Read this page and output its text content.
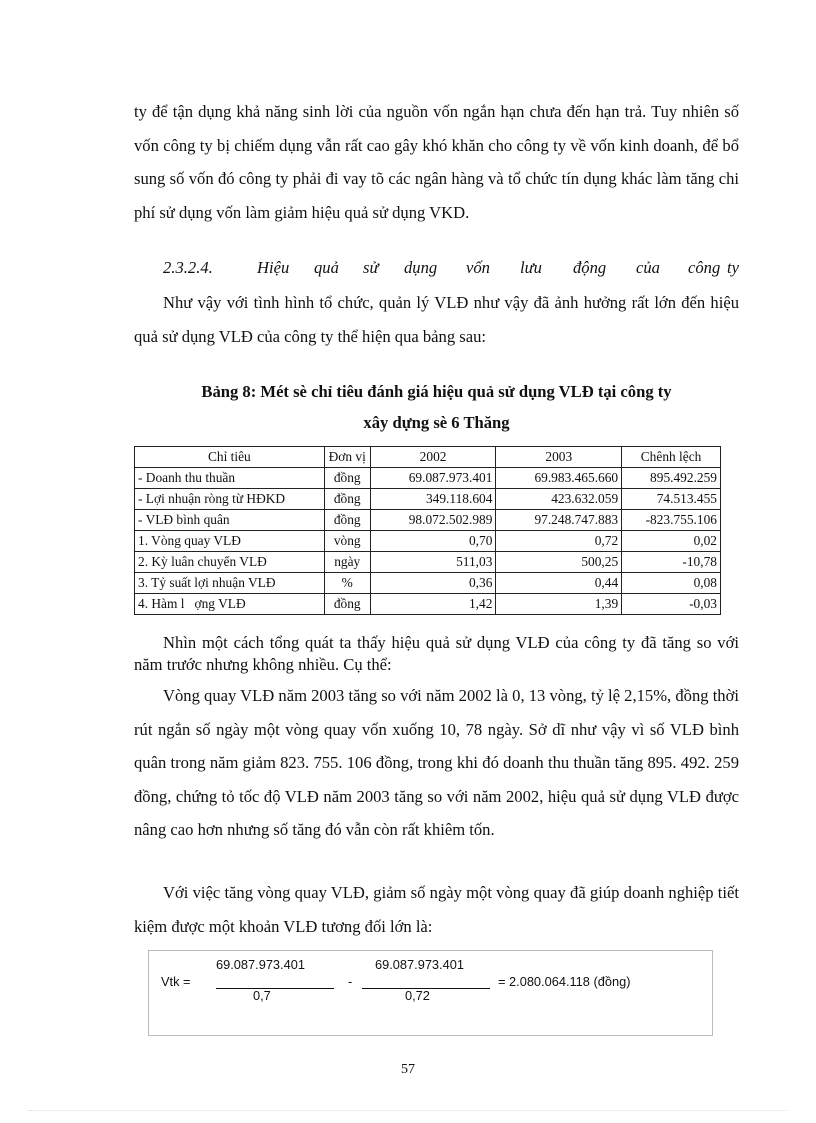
ty để tận dụng khả năng sinh lời của nguồn vốn ngắn hạn chưa đến hạn trả. Tuy nhiên số vốn công ty bị chiếm dụng vẫn rất cao gây khó khăn cho công ty về vốn kinh doanh, để bổ sung số vốn đó công ty phải đi vay tõ các ngân hàng và tổ chức tín dụng khác làm tăng chi phí sử dụng vốn làm giảm hiệu quả sử dụng VKD.

2.3.2.4.	Hiệu quả sử dụng vốn lưu động của công ty

Như vậy với tình hình tổ chức, quản lý VLĐ như vậy đã ảnh hưởng rất lớn đến hiệu quả sử dụng VLĐ của công ty thể hiện qua bảng sau:

Bảng 8: Mét sè chỉ tiêu đánh giá hiệu quả sử dụng VLĐ tại công ty
xây dựng sè 6 Thăng
Chỉ tiêu	Đơn vị	2002	2003	Chênh lệch
- Doanh thu thuần	đồng	69.087.973.401	69.983.465.660	895.492.259
- Lợi nhuận ròng từ HĐKD	đồng	349.118.604	423.632.059	74.513.455
- VLĐ bình quân	đồng	98.072.502.989	97.248.747.883	-823.755.106
1. Vòng quay VLĐ	vòng	0,70	0,72	0,02
2. Kỳ luân chuyển VLĐ	ngày	511,03	500,25	-10,78
3. Tỷ suất lợi nhuận VLĐ	%	0,36	0,44	0,08
4. Hàm l   ợng VLĐ	đồng	1,42	1,39	-0,03

Nhìn một cách tổng quát ta thấy hiệu quả sử dụng VLĐ của công ty đã tăng so với năm trước nhưng không nhiều. Cụ thể:

Vòng quay VLĐ năm 2003 tăng so với năm 2002 là 0, 13 vòng, tỷ lệ 2,15%, đồng thời rút ngắn số ngày một vòng quay vốn xuống 10, 78 ngày. Sở dĩ như vậy vì số VLĐ bình quân trong năm giảm 823. 755. 106 đồng, trong khi đó doanh thu thuần tăng 895. 492. 259 đồng, chứng tỏ tốc độ VLĐ năm 2003 tăng so với năm 2002, hiệu quả sử dụng VLĐ được nâng cao hơn nhưng số tăng đó vẫn còn rất khiêm tốn.

Với việc tăng vòng quay VLĐ, giảm số ngày một vòng quay đã giúp doanh nghiệp tiết kiệm được một khoản VLĐ tương đối lớn là:

Vtk =
69.087.973.401
0,7
-
69.087.973.401
0,72
= 2.080.064.118 (đồng)
57
